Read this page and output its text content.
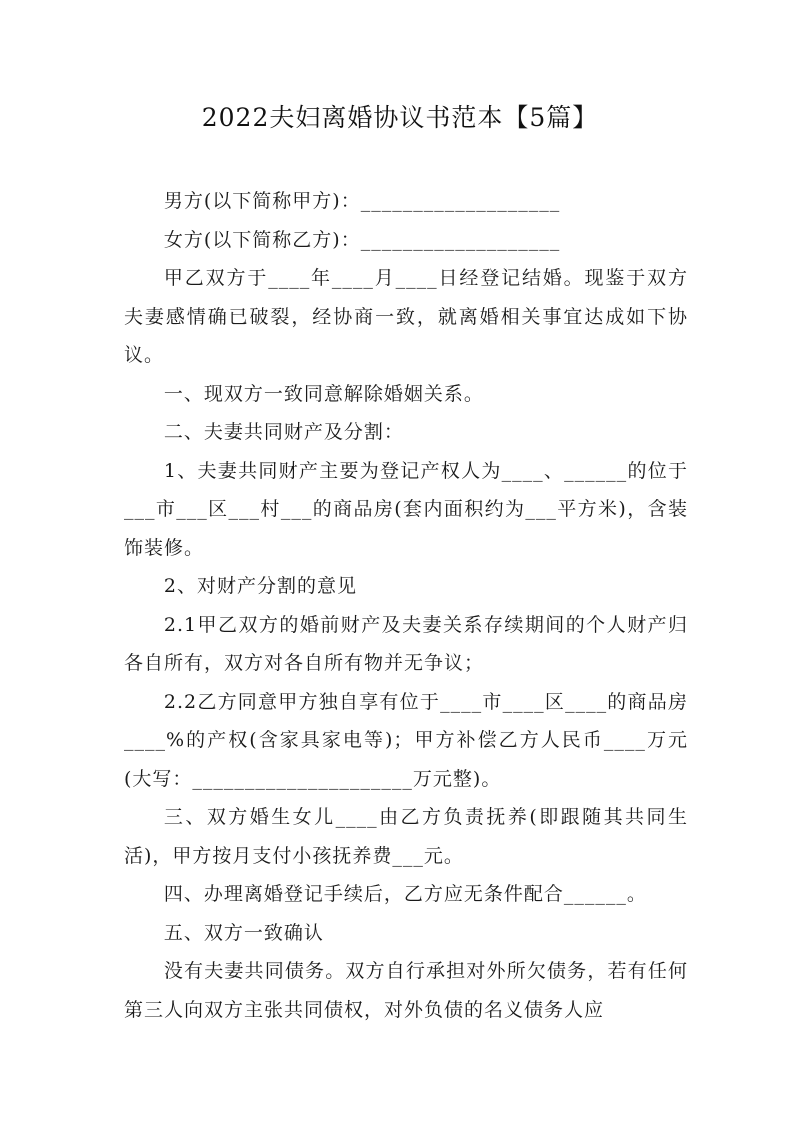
2022夫妇离婚协议书范本【5篇】

男方(以下简称甲方)：___________________

女方(以下简称乙方)：___________________

甲乙双方于____年____月____日经登记结婚。现鉴于双方夫妻感情确已破裂，经协商一致，就离婚相关事宜达成如下协议。

一、现双方一致同意解除婚姻关系。

二、夫妻共同财产及分割：

1、夫妻共同财产主要为登记产权人为____、______的位于___市___区___村___的商品房(套内面积约为___平方米)，含装饰装修。

2、对财产分割的意见

2.1甲乙双方的婚前财产及夫妻关系存续期间的个人财产归各自所有，双方对各自所有物并无争议；

2.2乙方同意甲方独自享有位于____市____区____的商品房____%的产权(含家具家电等)；甲方补偿乙方人民币____万元(大写：_____________________万元整)。

三、双方婚生女儿____由乙方负责抚养(即跟随其共同生活)，甲方按月支付小孩抚养费___元。

四、办理离婚登记手续后，乙方应无条件配合______。

五、双方一致确认

没有夫妻共同债务。双方自行承担对外所欠债务，若有任何第三人向双方主张共同债权，对外负债的名义债务人应
